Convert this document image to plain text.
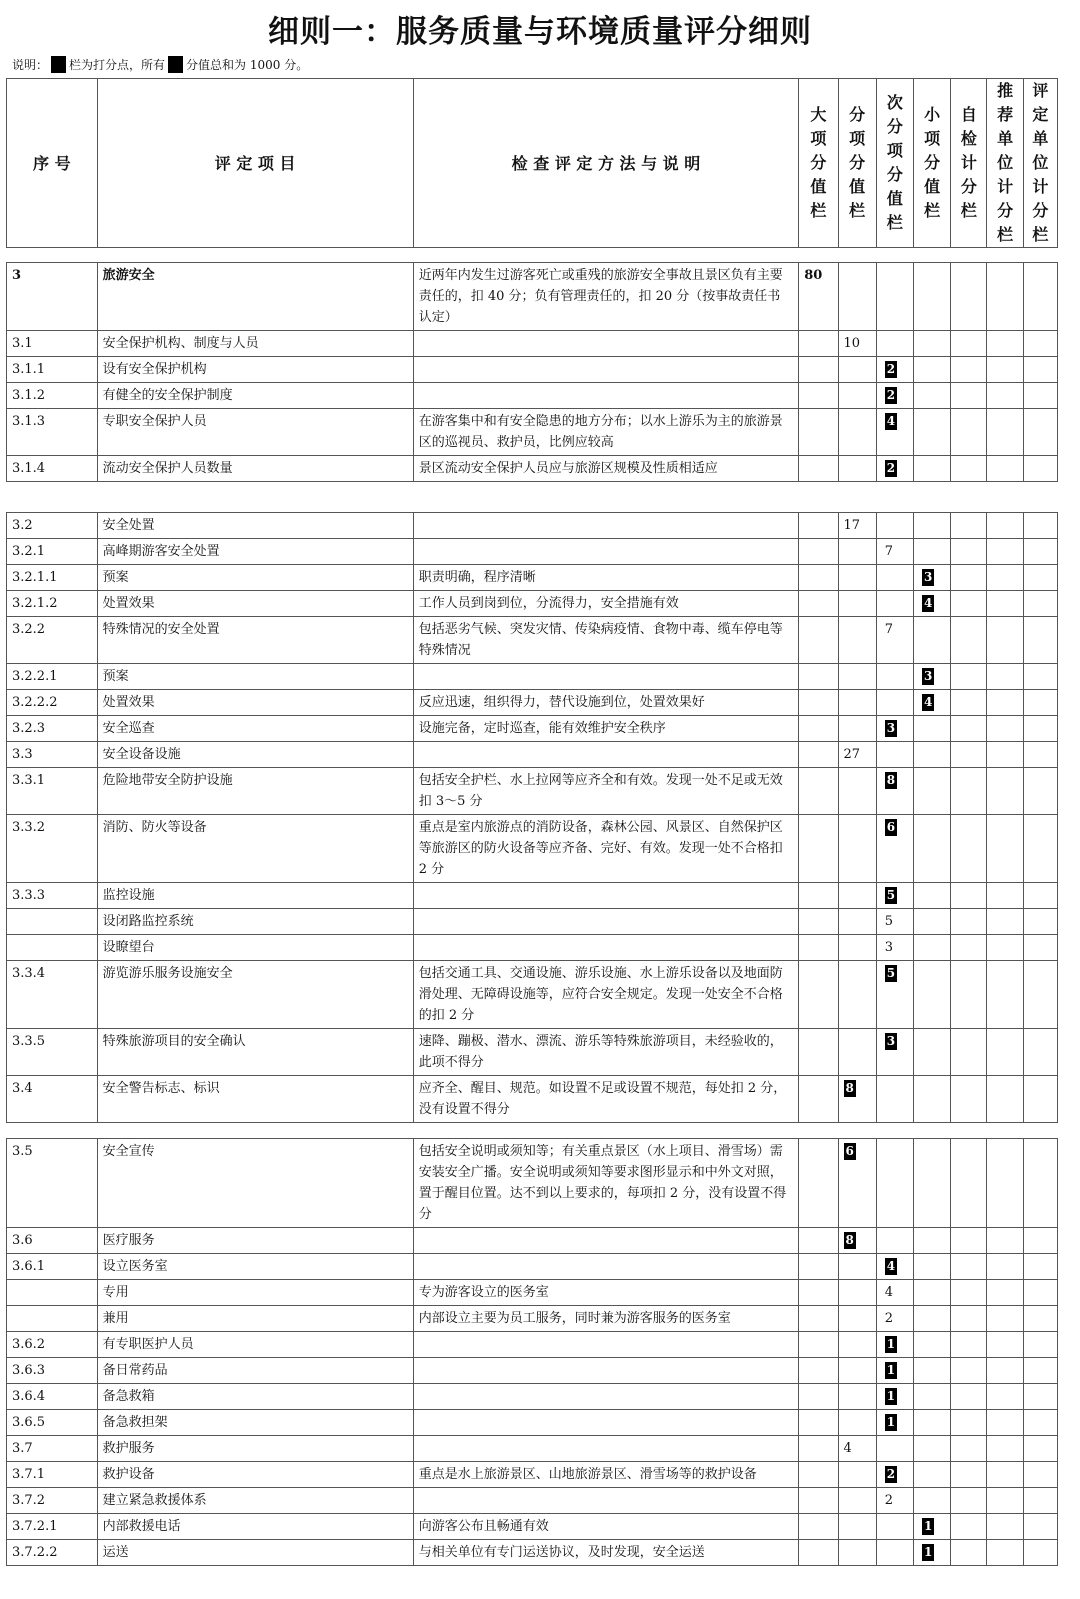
细则一：服务质量与环境质量评分细则
说明： 栏为打分点，所有 分值总和为 1000 分。
序 号	评 定 项 目	检 查 评 定 方 法 与 说 明	大项分值栏	分项分值栏	次分项分值栏	小项分值栏	自检计分栏	推荐单位计分栏	评定单位计分栏
3	旅游安全	近两年内发生过游客死亡或重残的旅游安全事故且景区负有主要责任的，扣 40 分；负有管理责任的，扣 20 分（按事故责任书认定）	80						
3.1	安全保护机构、制度与人员			10					
3.1.1	设有安全保护机构				2				
3.1.2	有健全的安全保护制度				2				
3.1.3	专职安全保护人员	在游客集中和有安全隐患的地方分布；以水上游乐为主的旅游景区的巡视员、救护员，比例应较高			4				
3.1.4	流动安全保护人员数量	景区流动安全保护人员应与旅游区规模及性质相适应			2				
3.2	安全处置			17					
3.2.1	高峰期游客安全处置				7				
3.2.1.1	预案	职责明确，程序清晰				3			
3.2.1.2	处置效果	工作人员到岗到位，分流得力，安全措施有效				4			
3.2.2	特殊情况的安全处置	包括恶劣气候、突发灾情、传染病疫情、食物中毒、缆车停电等特殊情况			7				
3.2.2.1	预案					3			
3.2.2.2	处置效果	反应迅速，组织得力，替代设施到位，处置效果好				4			
3.2.3	安全巡查	设施完备，定时巡查，能有效维护安全秩序			3				
3.3	安全设备设施			27					
3.3.1	危险地带安全防护设施	包括安全护栏、水上拉网等应齐全和有效。发现一处不足或无效扣 3～5 分			8				
3.3.2	消防、防火等设备	重点是室内旅游点的消防设备，森林公园、风景区、自然保护区等旅游区的防火设备等应齐备、完好、有效。发现一处不合格扣 2 分			6				
3.3.3	监控设施				5				
	设闭路监控系统				5				
	设瞭望台				3				
3.3.4	游览游乐服务设施安全	包括交通工具、交通设施、游乐设施、水上游乐设备以及地面防滑处理、无障碍设施等，应符合安全规定。发现一处安全不合格的扣 2 分			5				
3.3.5	特殊旅游项目的安全确认	速降、蹦极、潜水、漂流、游乐等特殊旅游项目，未经验收的，此项不得分			3				
3.4	安全警告标志、标识	应齐全、醒目、规范。如设置不足或设置不规范，每处扣 2 分，没有设置不得分		8					
3.5	安全宣传	包括安全说明或须知等；有关重点景区（水上项目、滑雪场）需安装安全广播。安全说明或须知等要求图形显示和中外文对照，置于醒目位置。达不到以上要求的，每项扣 2 分，没有设置不得分		6					
3.6	医疗服务			8					
3.6.1	设立医务室				4				
	专用	专为游客设立的医务室			4				
	兼用	内部设立主要为员工服务，同时兼为游客服务的医务室			2				
3.6.2	有专职医护人员				1				
3.6.3	备日常药品				1				
3.6.4	备急救箱				1				
3.6.5	备急救担架				1				
3.7	救护服务			4					
3.7.1	救护设备	重点是水上旅游景区、山地旅游景区、滑雪场等的救护设备			2				
3.7.2	建立紧急救援体系				2				
3.7.2.1	内部救援电话	向游客公布且畅通有效				1			
3.7.2.2	运送	与相关单位有专门运送协议，及时发现，安全运送				1			
